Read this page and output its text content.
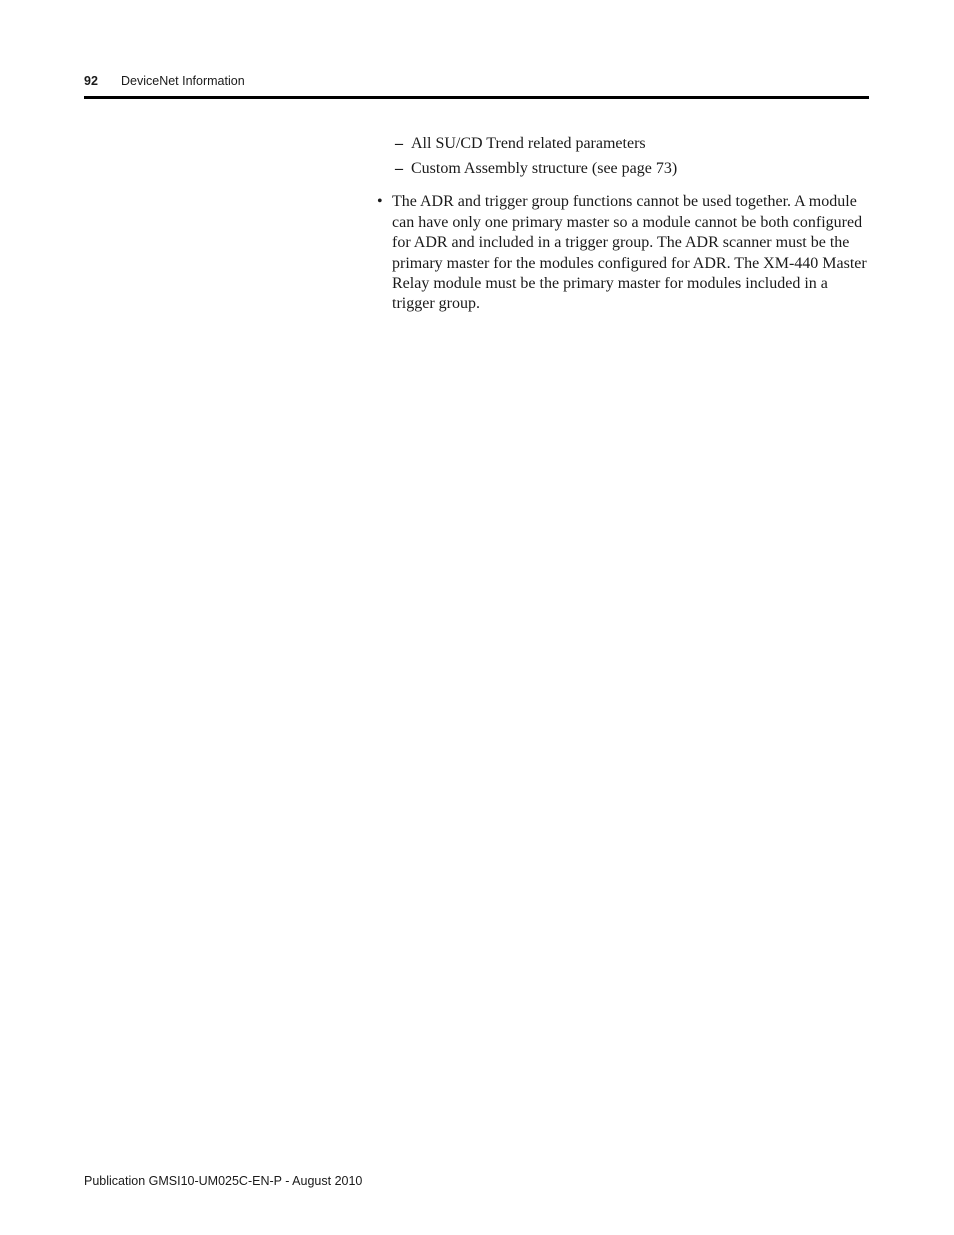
92 DeviceNet Information
– All SU/CD Trend related parameters
– Custom Assembly structure (see page 73)
• The ADR and trigger group functions cannot be used together. A module can have only one primary master so a module cannot be both configured for ADR and included in a trigger group. The ADR scanner must be the primary master for the modules configured for ADR. The XM-440 Master Relay module must be the primary master for modules included in a trigger group.
Publication GMSI10-UM025C-EN-P - August 2010
